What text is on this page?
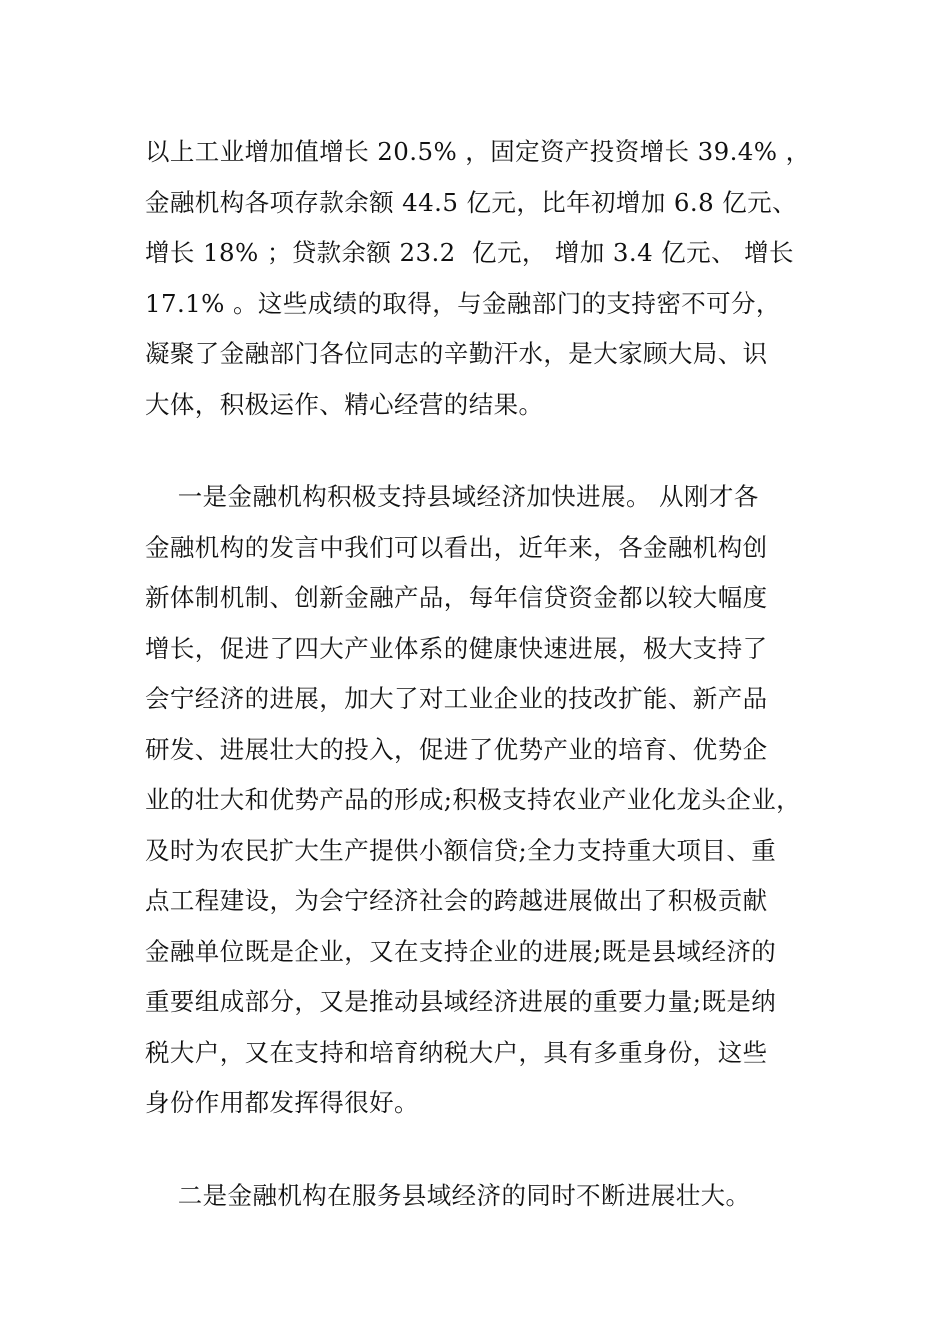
以上工业增加值增长 20.5% ，固定资产投资增长 39.4% ，
金融机构各项存款余额 44.5 亿元，比年初增加 6.8 亿元、
增长 18% ；贷款余额 23.2  亿元， 增加 3.4 亿元、 增长
17.1% 。这些成绩的取得，与金融部门的支持密不可分，
凝聚了金融部门各位同志的辛勤汗水，是大家顾大局、识
大体，积极运作、精心经营的结果。
一是金融机构积极支持县域经济加快进展。 从刚才各
金融机构的发言中我们可以看出，近年来，各金融机构创
新体制机制、创新金融产品，每年信贷资金都以较大幅度
增长，促进了四大产业体系的健康快速进展，极大支持了
会宁经济的进展，加大了对工业企业的技改扩能、新产品
研发、进展壮大的投入，促进了优势产业的培育、优势企
业的壮大和优势产品的形成;积极支持农业产业化龙头企业，
及时为农民扩大生产提供小额信贷;全力支持重大项目、重
点工程建设，为会宁经济社会的跨越进展做出了积极贡献
金融单位既是企业，又在支持企业的进展;既是县域经济的
重要组成部分，又是推动县域经济进展的重要力量;既是纳
税大户，又在支持和培育纳税大户，具有多重身份，这些
身份作用都发挥得很好。
二是金融机构在服务县域经济的同时不断进展壮大。
